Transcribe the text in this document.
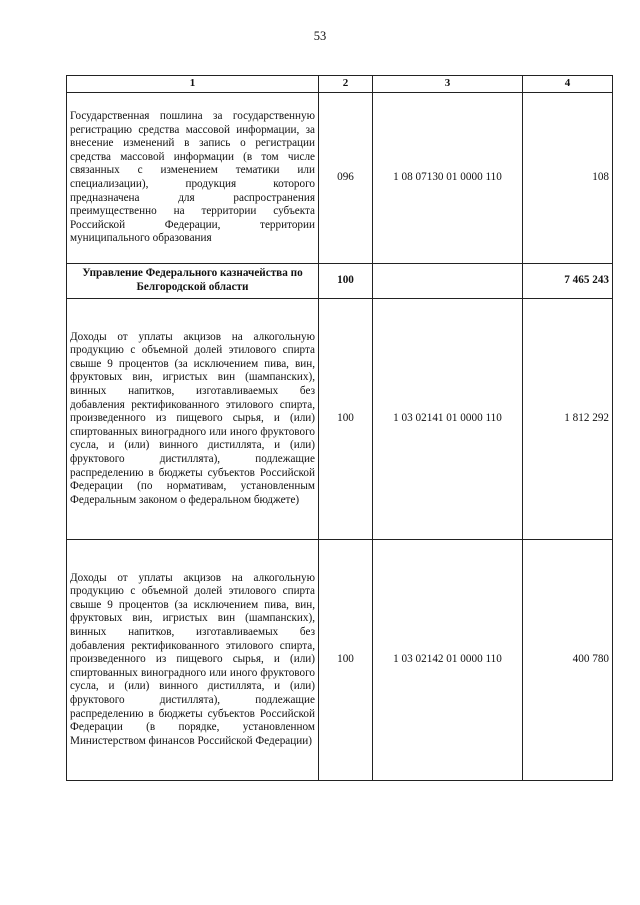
53
1	2	3	4
Государственная пошлина за государственную регистрацию средства массовой информации, за внесение изменений в запись о регистрации средства массовой информации (в том числе связанных с изменением тематики или специализации), продукция которого предназначена для распространения преимущественно на территории субъекта Российской Федерации, территории муниципального образования	096	1 08 07130 01 0000 110	108
Управление Федерального казначейства по Белгородской области	100		7 465 243
Доходы от уплаты акцизов на алкогольную продукцию с объемной долей этилового спирта свыше 9 процентов (за исключением пива, вин, фруктовых вин, игристых вин (шампанских), винных напитков, изготавливаемых без добавления ректификованного этилового спирта, произведенного из пищевого сырья, и (или) спиртованных виноградного или иного фруктового сусла, и (или) винного дистиллята, и (или) фруктового дистиллята), подлежащие распределению в бюджеты субъектов Российской Федерации (по нормативам, установленным Федеральным законом о федеральном бюджете)	100	1 03 02141 01 0000 110	1 812 292
Доходы от уплаты акцизов на алкогольную продукцию с объемной долей этилового спирта свыше 9 процентов (за исключением пива, вин, фруктовых вин, игристых вин (шампанских), винных напитков, изготавливаемых без добавления ректификованного этилового спирта, произведенного из пищевого сырья, и (или) спиртованных виноградного или иного фруктового сусла, и (или) винного дистиллята, и (или) фруктового дистиллята), подлежащие распределению в бюджеты субъектов Российской Федерации (в порядке, установленном Министерством финансов Российской Федерации)	100	1 03 02142 01 0000 110	400 780
